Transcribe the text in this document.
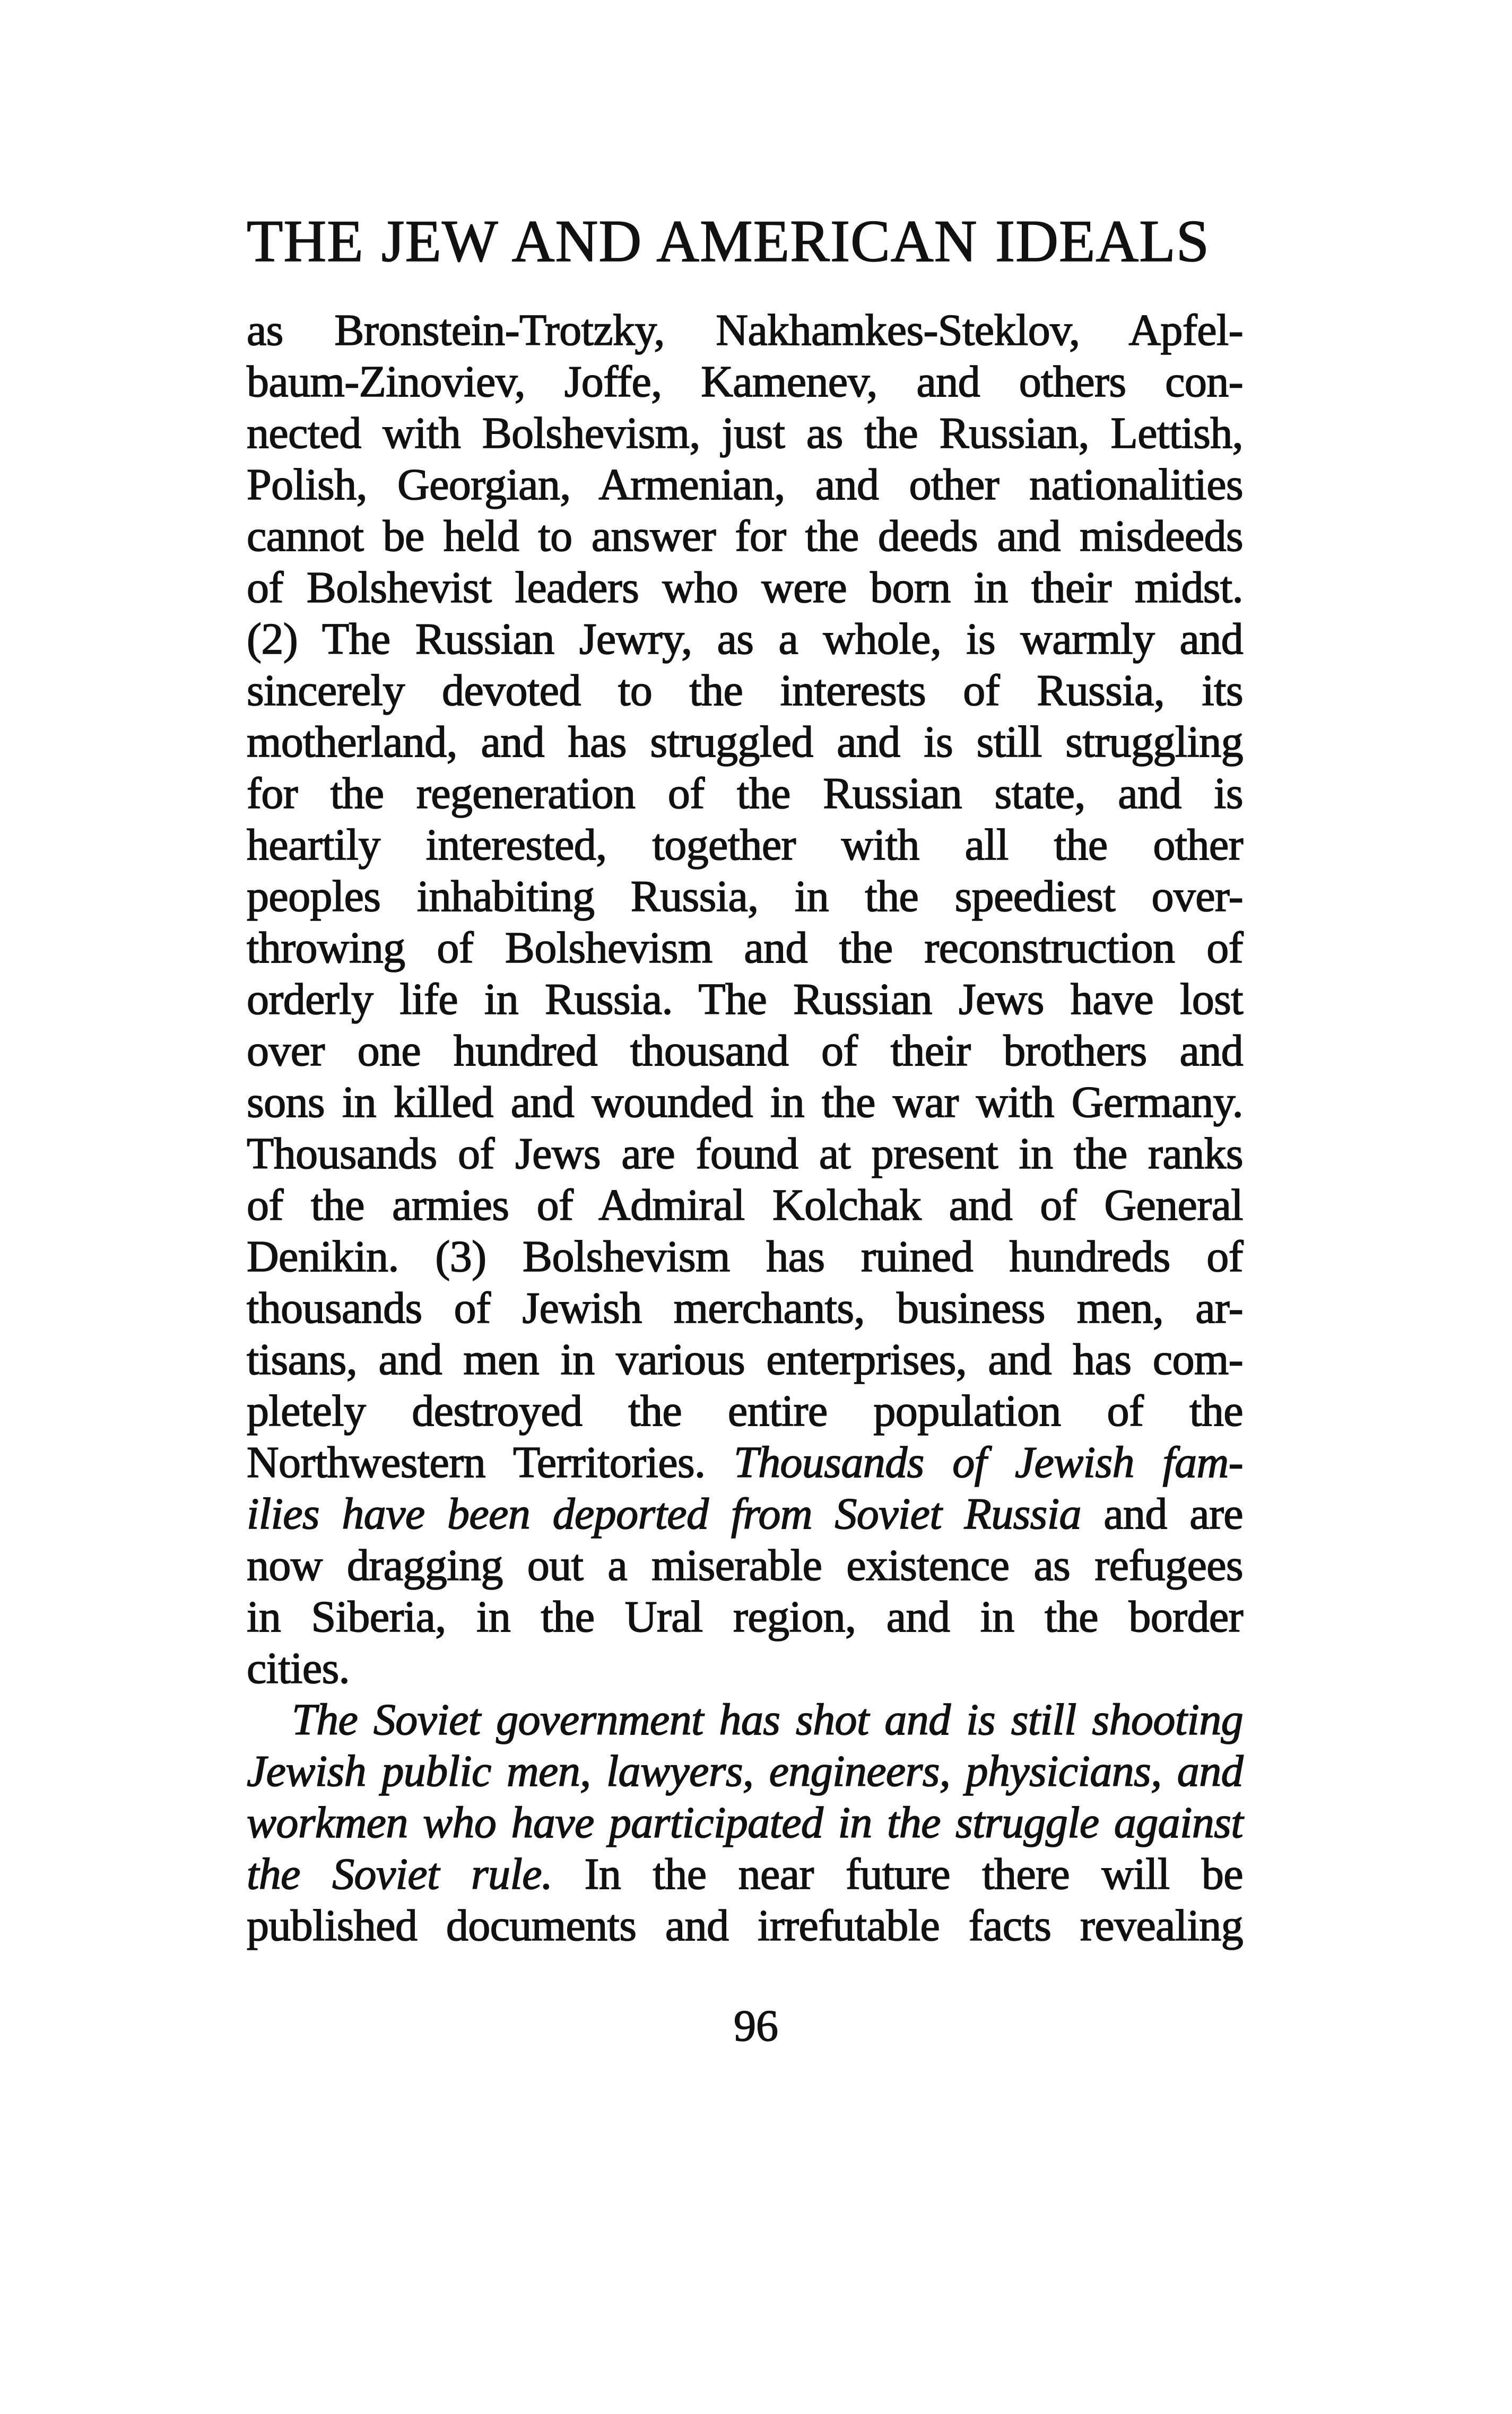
THE JEW AND AMERICAN IDEALS
as Bronstein-Trotzky, Nakhamkes-Steklov, Apfel-
baum-Zinoviev, Joffe, Kamenev, and others con-
nected with Bolshevism, just as the Russian, Lettish,
Polish, Georgian, Armenian, and other nationalities
cannot be held to answer for the deeds and misdeeds
of Bolshevist leaders who were born in their midst.
(2) The Russian Jewry, as a whole, is warmly and
sincerely devoted to the interests of Russia, its
motherland, and has struggled and is still struggling
for the regeneration of the Russian state, and is
heartily interested, together with all the other
peoples inhabiting Russia, in the speediest over-
throwing of Bolshevism and the reconstruction of
orderly life in Russia. The Russian Jews have lost
over one hundred thousand of their brothers and
sons in killed and wounded in the war with Germany.
Thousands of Jews are found at present in the ranks
of the armies of Admiral Kolchak and of General
Denikin. (3) Bolshevism has ruined hundreds of
thousands of Jewish merchants, business men, ar-
tisans, and men in various enterprises, and has com-
pletely destroyed the entire population of the
Northwestern Territories. Thousands of Jewish fam-
ilies have been deported from Soviet Russia and are
now dragging out a miserable existence as refugees
in Siberia, in the Ural region, and in the border
cities.
The Soviet government has shot and is still shooting
Jewish public men, lawyers, engineers, physicians, and
workmen who have participated in the struggle against
the Soviet rule. In the near future there will be
published documents and irrefutable facts revealing
96
